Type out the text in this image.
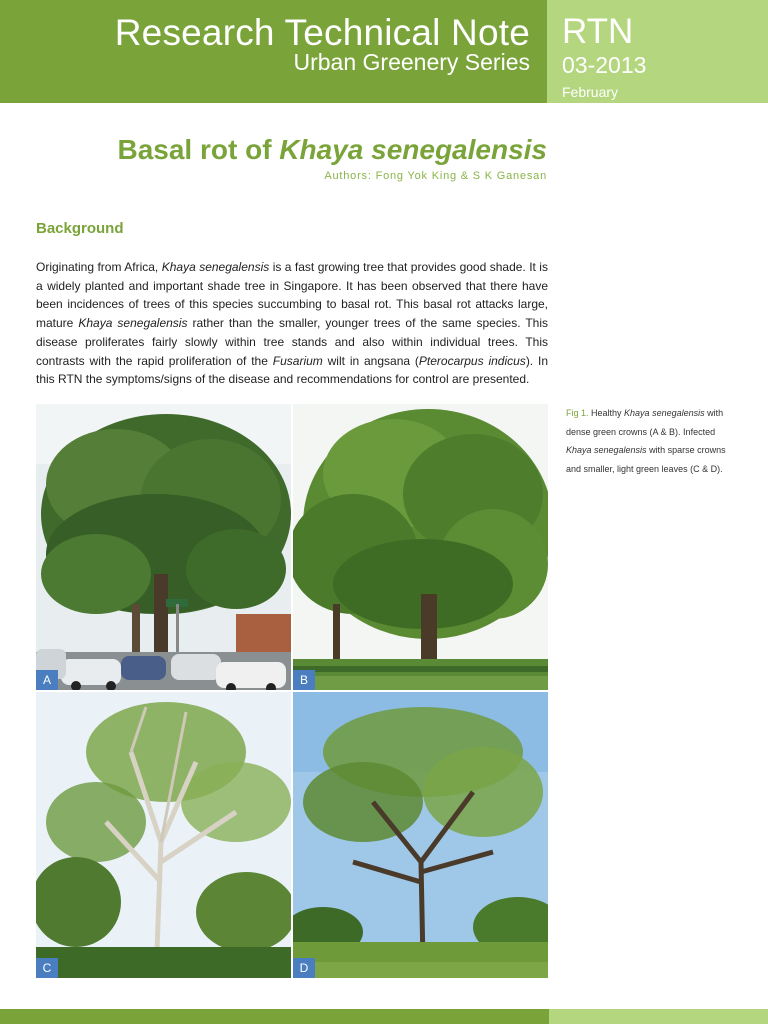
Research Technical Note
Urban Greenery Series
RTN
03-2013
February
Basal rot of Khaya senegalensis
Authors: Fong Yok King & S K Ganesan
Background

Originating from Africa, Khaya senegalensis is a fast growing tree that provides good shade. It is a widely planted and important shade tree in Singapore. It has been observed that there have been incidences of trees of this species succumbing to basal rot. This basal rot attacks large, mature Khaya senegalensis rather than the smaller, younger trees of the same species. This disease proliferates fairly slowly within tree stands and also within individual trees. This contrasts with the rapid proliferation of the Fusarium wilt in angsana (Pterocarpus indicus). In this RTN the symptoms/signs of the disease and recommendations for control are presented.

A	B
C	D
Fig 1. Healthy Khaya senegalensis with dense green crowns (A & B). Infected Khaya senegalensis with sparse crowns and smaller, light green leaves (C & D).
